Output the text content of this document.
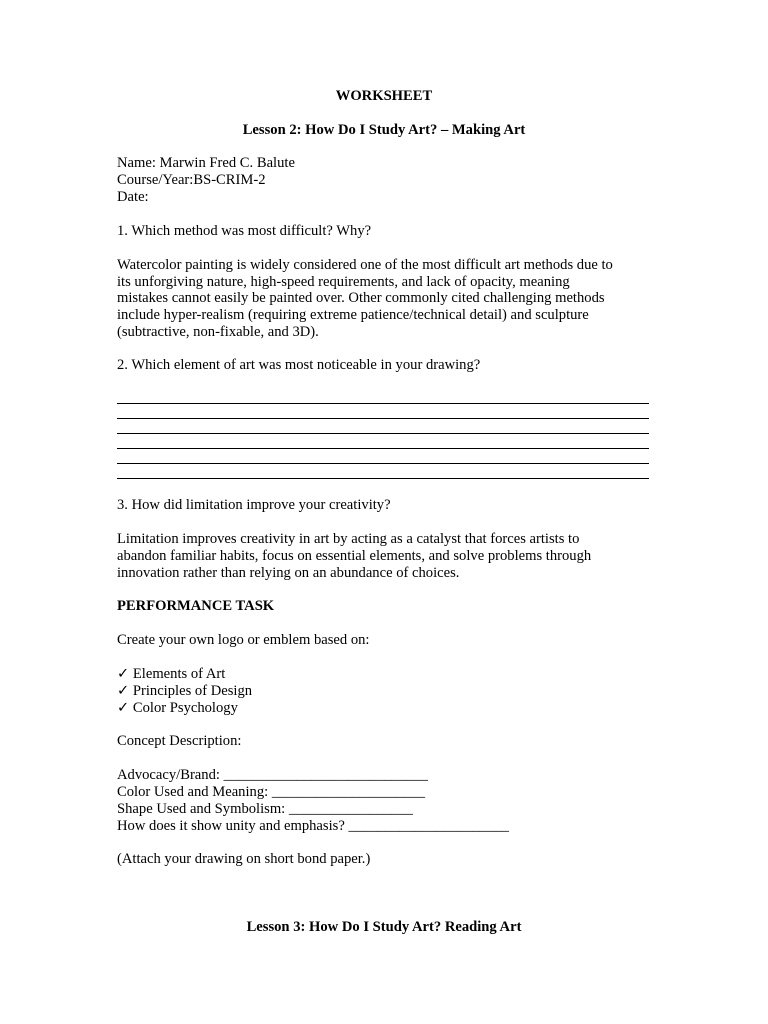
WORKSHEET
Lesson 2: How Do I Study Art? – Making Art
Name: Marwin Fred C. Balute
Course/Year:BS-CRIM-2
Date:
1. Which method was most difficult? Why?
Watercolor painting is widely considered one of the most difficult art methods due to
its unforgiving nature, high-speed requirements, and lack of opacity, meaning
mistakes cannot easily be painted over. Other commonly cited challenging methods
include hyper-realism (requiring extreme patience/technical detail) and sculpture
(subtractive, non-fixable, and 3D).
2. Which element of art was most noticeable in your drawing?
3. How did limitation improve your creativity?
Limitation improves creativity in art by acting as a catalyst that forces artists to
abandon familiar habits, focus on essential elements, and solve problems through
innovation rather than relying on an abundance of choices.
PERFORMANCE TASK
Create your own logo or emblem based on:
✓ Elements of Art
✓ Principles of Design
✓ Color Psychology
Concept Description:
Advocacy/Brand: ____________________________
Color Used and Meaning: _____________________
Shape Used and Symbolism: _________________
How does it show unity and emphasis? ______________________
(Attach your drawing on short bond paper.)
Lesson 3: How Do I Study Art? Reading Art
